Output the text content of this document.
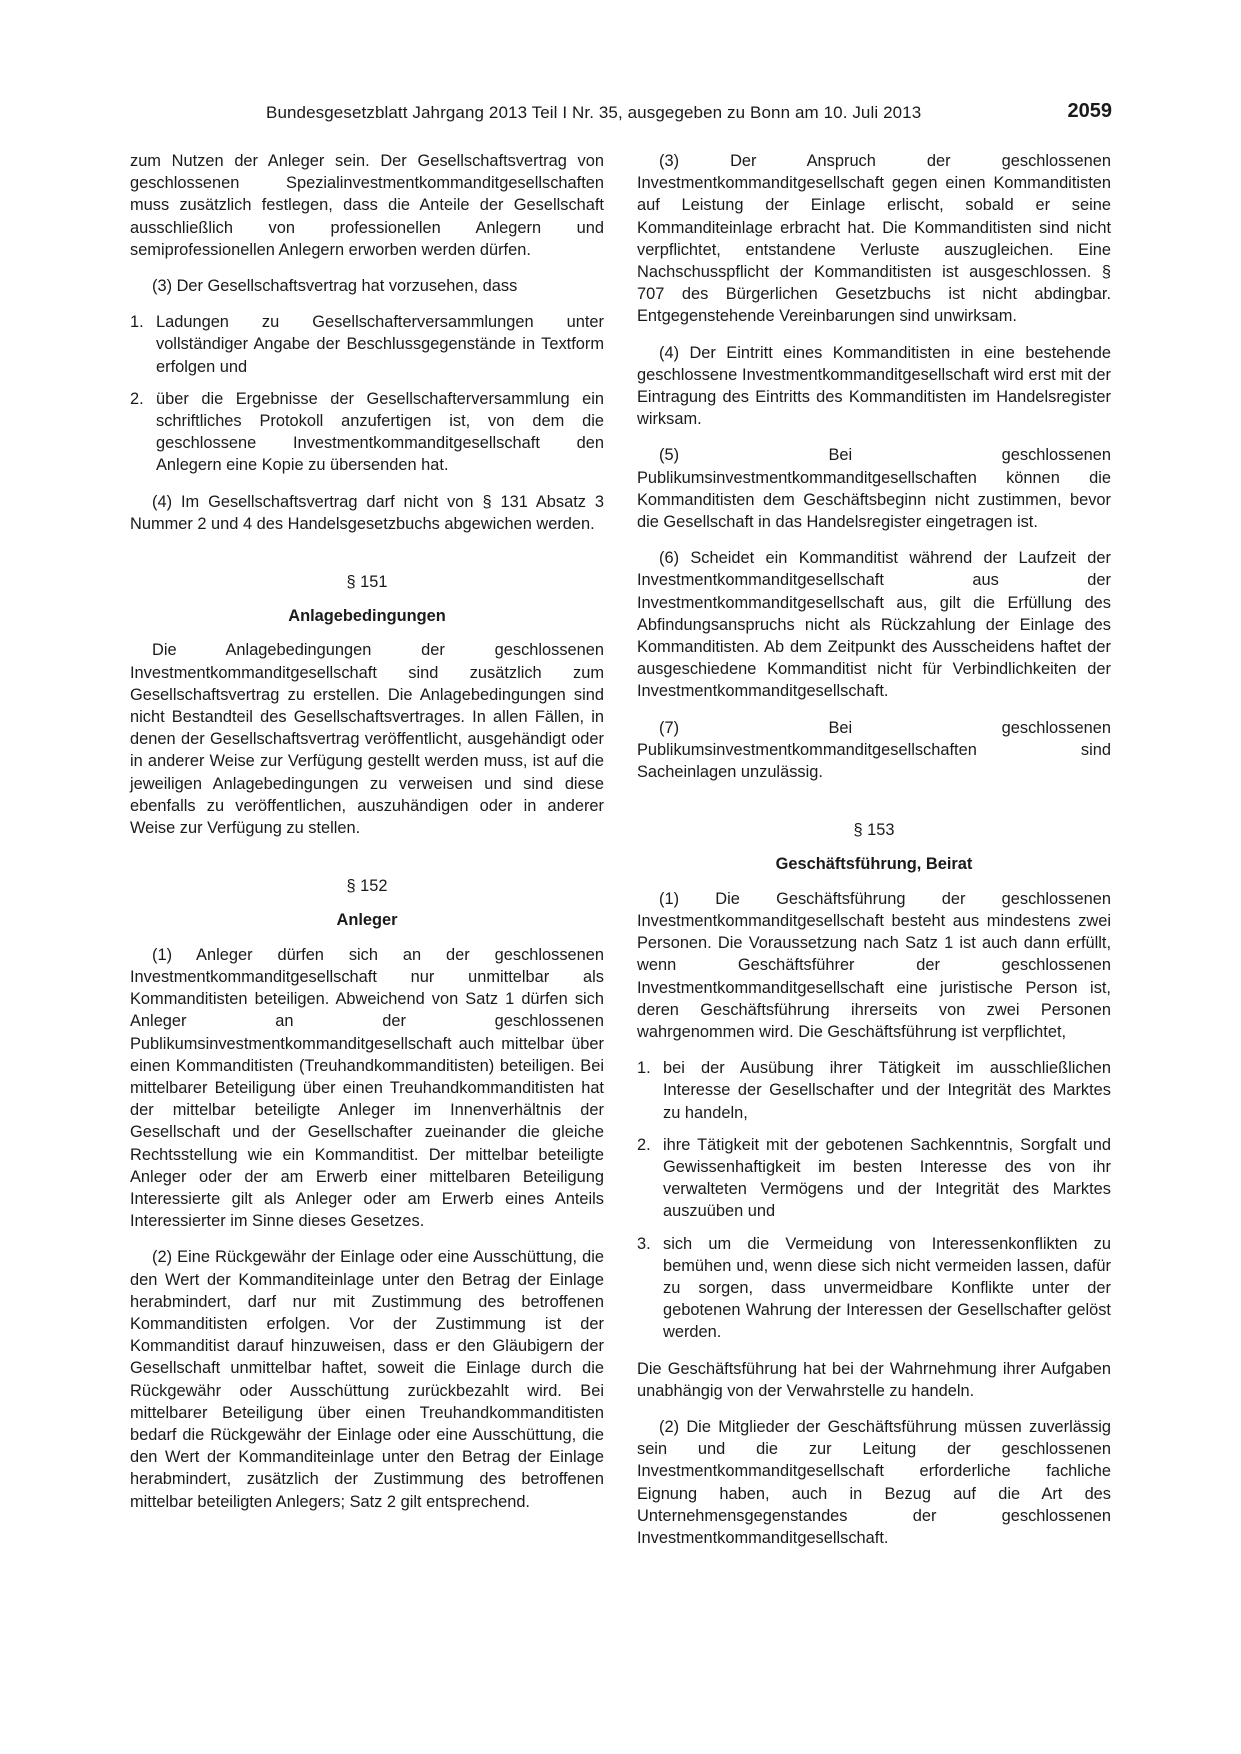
Bundesgesetzblatt Jahrgang 2013 Teil I Nr. 35, ausgegeben zu Bonn am 10. Juli 2013	2059

zum Nutzen der Anleger sein. Der Gesellschaftsvertrag von geschlossenen Spezialinvestmentkommanditgesellschaften muss zusätzlich festlegen, dass die Anteile der Gesellschaft ausschließlich von professionellen Anlegern und semiprofessionellen Anlegern erworben werden dürfen.

(3) Der Gesellschaftsvertrag hat vorzusehen, dass

1. Ladungen zu Gesellschafterversammlungen unter vollständiger Angabe der Beschlussgegenstände in Textform erfolgen und
2. über die Ergebnisse der Gesellschafterversammlung ein schriftliches Protokoll anzufertigen ist, von dem die geschlossene Investmentkommanditgesellschaft den Anlegern eine Kopie zu übersenden hat.

(4) Im Gesellschaftsvertrag darf nicht von § 131 Absatz 3 Nummer 2 und 4 des Handelsgesetzbuchs abgewichen werden.

§ 151
Anlagebedingungen

Die Anlagebedingungen der geschlossenen Investmentkommanditgesellschaft sind zusätzlich zum Gesellschaftsvertrag zu erstellen. Die Anlagebedingungen sind nicht Bestandteil des Gesellschaftsvertrages. In allen Fällen, in denen der Gesellschaftsvertrag veröffentlicht, ausgehändigt oder in anderer Weise zur Verfügung gestellt werden muss, ist auf die jeweiligen Anlagebedingungen zu verweisen und sind diese ebenfalls zu veröffentlichen, auszuhändigen oder in anderer Weise zur Verfügung zu stellen.

§ 152
Anleger

(1) Anleger dürfen sich an der geschlossenen Investmentkommanditgesellschaft nur unmittelbar als Kommanditisten beteiligen. Abweichend von Satz 1 dürfen sich Anleger an der geschlossenen Publikumsinvestmentkommanditgesellschaft auch mittelbar über einen Kommanditisten (Treuhandkommanditisten) beteiligen. Bei mittelbarer Beteiligung über einen Treuhandkommanditisten hat der mittelbar beteiligte Anleger im Innenverhältnis der Gesellschaft und der Gesellschafter zueinander die gleiche Rechtsstellung wie ein Kommanditist. Der mittelbar beteiligte Anleger oder der am Erwerb einer mittelbaren Beteiligung Interessierte gilt als Anleger oder am Erwerb eines Anteils Interessierter im Sinne dieses Gesetzes.

(2) Eine Rückgewähr der Einlage oder eine Ausschüttung, die den Wert der Kommanditeinlage unter den Betrag der Einlage herabmindert, darf nur mit Zustimmung des betroffenen Kommanditisten erfolgen. Vor der Zustimmung ist der Kommanditist darauf hinzuweisen, dass er den Gläubigern der Gesellschaft unmittelbar haftet, soweit die Einlage durch die Rückgewähr oder Ausschüttung zurückbezahlt wird. Bei mittelbarer Beteiligung über einen Treuhandkommanditisten bedarf die Rückgewähr der Einlage oder eine Ausschüttung, die den Wert der Kommanditeinlage unter den Betrag der Einlage herabmindert, zusätzlich der Zustimmung des betroffenen mittelbar beteiligten Anlegers; Satz 2 gilt entsprechend.

(3) Der Anspruch der geschlossenen Investmentkommanditgesellschaft gegen einen Kommanditisten auf Leistung der Einlage erlischt, sobald er seine Kommanditeinlage erbracht hat. Die Kommanditisten sind nicht verpflichtet, entstandene Verluste auszugleichen. Eine Nachschusspflicht der Kommanditisten ist ausgeschlossen. § 707 des Bürgerlichen Gesetzbuchs ist nicht abdingbar. Entgegenstehende Vereinbarungen sind unwirksam.

(4) Der Eintritt eines Kommanditisten in eine bestehende geschlossene Investmentkommanditgesellschaft wird erst mit der Eintragung des Eintritts des Kommanditisten im Handelsregister wirksam.

(5) Bei geschlossenen Publikumsinvestmentkommanditgesellschaften können die Kommanditisten dem Geschäftsbeginn nicht zustimmen, bevor die Gesellschaft in das Handelsregister eingetragen ist.

(6) Scheidet ein Kommanditist während der Laufzeit der Investmentkommanditgesellschaft aus der Investmentkommanditgesellschaft aus, gilt die Erfüllung des Abfindungsanspruchs nicht als Rückzahlung der Einlage des Kommanditisten. Ab dem Zeitpunkt des Ausscheidens haftet der ausgeschiedene Kommanditist nicht für Verbindlichkeiten der Investmentkommanditgesellschaft.

(7) Bei geschlossenen Publikumsinvestmentkommanditgesellschaften sind Sacheinlagen unzulässig.

§ 153
Geschäftsführung, Beirat

(1) Die Geschäftsführung der geschlossenen Investmentkommanditgesellschaft besteht aus mindestens zwei Personen. Die Voraussetzung nach Satz 1 ist auch dann erfüllt, wenn Geschäftsführer der geschlossenen Investmentkommanditgesellschaft eine juristische Person ist, deren Geschäftsführung ihrerseits von zwei Personen wahrgenommen wird. Die Geschäftsführung ist verpflichtet,

1. bei der Ausübung ihrer Tätigkeit im ausschließlichen Interesse der Gesellschafter und der Integrität des Marktes zu handeln,
2. ihre Tätigkeit mit der gebotenen Sachkenntnis, Sorgfalt und Gewissenhaftigkeit im besten Interesse des von ihr verwalteten Vermögens und der Integrität des Marktes auszuüben und
3. sich um die Vermeidung von Interessenkonflikten zu bemühen und, wenn diese sich nicht vermeiden lassen, dafür zu sorgen, dass unvermeidbare Konflikte unter der gebotenen Wahrung der Interessen der Gesellschafter gelöst werden.

Die Geschäftsführung hat bei der Wahrnehmung ihrer Aufgaben unabhängig von der Verwahrstelle zu handeln.

(2) Die Mitglieder der Geschäftsführung müssen zuverlässig sein und die zur Leitung der geschlossenen Investmentkommanditgesellschaft erforderliche fachliche Eignung haben, auch in Bezug auf die Art des Unternehmensgegenstandes der geschlossenen Investmentkommanditgesellschaft.
